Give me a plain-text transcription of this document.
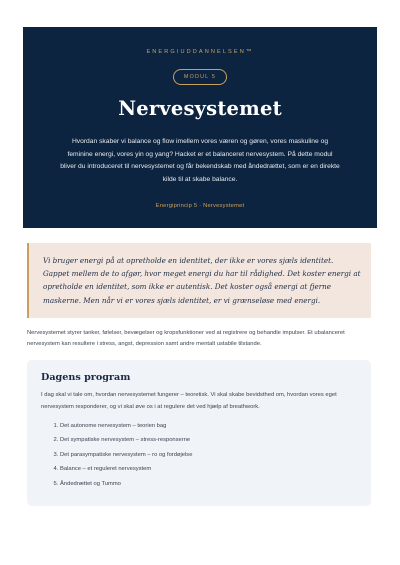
ENERGIUDDANNELSEN™
MODUL 5
Nervesystemet
Hvordan skaber vi balance og flow imellem vores væren og gøren, vores maskuline og feminine energi, vores yin og yang? Hacket er et balanceret nervesystem. På dette modul bliver du introduceret til nervesystemet og får bekendskab med åndedrættet, som er en direkte kilde til at skabe balance.
Energiprincip 5 · Nervesystemet
Vi bruger energi på at opretholde en identitet, der ikke er vores sjæls identitet. Gappet mellem de to afgør, hvor meget energi du har til rådighed. Det koster energi at opretholde en identitet, som ikke er autentisk. Det koster også energi at fjerne maskerne. Men når vi er vores sjæls identitet, er vi grænseløse med energi.
Nervesystemet styrer tanker, følelser, bevægelser og kropsfunktioner ved at registrere og behandle impulser. Et ubalanceret nervesystem kan resultere i stress, angst, depression samt andre mentalt ustabile tilstande.
Dagens program
I dag skal vi tale om, hvordan nervesystemet fungerer – teoretisk. Vi skal skabe bevidsthed om, hvordan vores eget nervesystem responderer, og vi skal øve os i at regulere det ved hjælp af breathwork.
1. Det autonome nervesystem – teorien bag
2. Det sympatiske nervesystem – stress-responserne
3. Det parasympatiske nervesystem – ro og fordøjelse
4. Balance – et reguleret nervesystem
5. Åndedrættet og Tummo
